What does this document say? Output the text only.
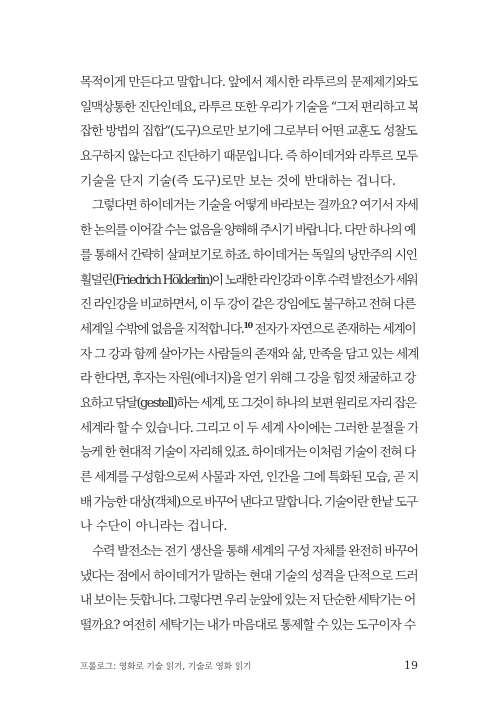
목적이게 만든다고 말합니다. 앞에서 제시한 라투르의 문제제기와도
일맥상통한 진단인데요, 라투르 또한 우리가 기술을 “그저 편리하고 복
잡한 방법의 집합”(도구)으로만 보기에 그로부터 어떤 교훈도 성찰도
요구하지 않는다고 진단하기 때문입니다. 즉 하이데거와 라투르 모두
기술을 단지 기술(즉 도구)로만 보는 것에 반대하는 겁니다.
그렇다면 하이데거는 기술을 어떻게 바라보는 걸까요? 여기서 자세
한 논의를 이어갈 수는 없음을 양해해 주시기 바랍니다. 다만 하나의 예
를 통해서 간략히 살펴보기로 하죠. 하이데거는 독일의 낭만주의 시인
횔덜린(Friedrich Hölderlin)이 노래한 라인강과 이후 수력 발전소가 세워
진 라인강을 비교하면서, 이 두 강이 같은 강임에도 불구하고 전혀 다른
세계일 수밖에 없음을 지적합니다.$^{10}$ 전자가 자연으로 존재하는 세계이
자 그 강과 함께 살아가는 사람들의 존재와 삶, 만족을 담고 있는 세계
라 한다면, 후자는 자원(에너지)을 얻기 위해 그 강을 힘껏 채굴하고 강
요하고 닦달(gestell)하는 세계, 또 그것이 하나의 보편 원리로 자리 잡은
세계라 할 수 있습니다. 그리고 이 두 세계 사이에는 그러한 분절을 가
능케 한 현대적 기술이 자리해 있죠. 하이데거는 이처럼 기술이 전혀 다
른 세계를 구성함으로써 사물과 자연, 인간을 그에 특화된 모습, 곧 지
배 가능한 대상(객체)으로 바꾸어 낸다고 말합니다. 기술이란 한낱 도구
나 수단이 아니라는 겁니다.
수력 발전소는 전기 생산을 통해 세계의 구성 자체를 완전히 바꾸어
냈다는 점에서 하이데거가 말하는 현대 기술의 성격을 단적으로 드러
내 보이는 듯합니다. 그렇다면 우리 눈앞에 있는 저 단순한 세탁기는 어
떨까요? 여전히 세탁기는 내가 마음대로 통제할 수 있는 도구이자 수
프롤로그: 영화로 기술 읽기, 기술로 영화 읽기	19
